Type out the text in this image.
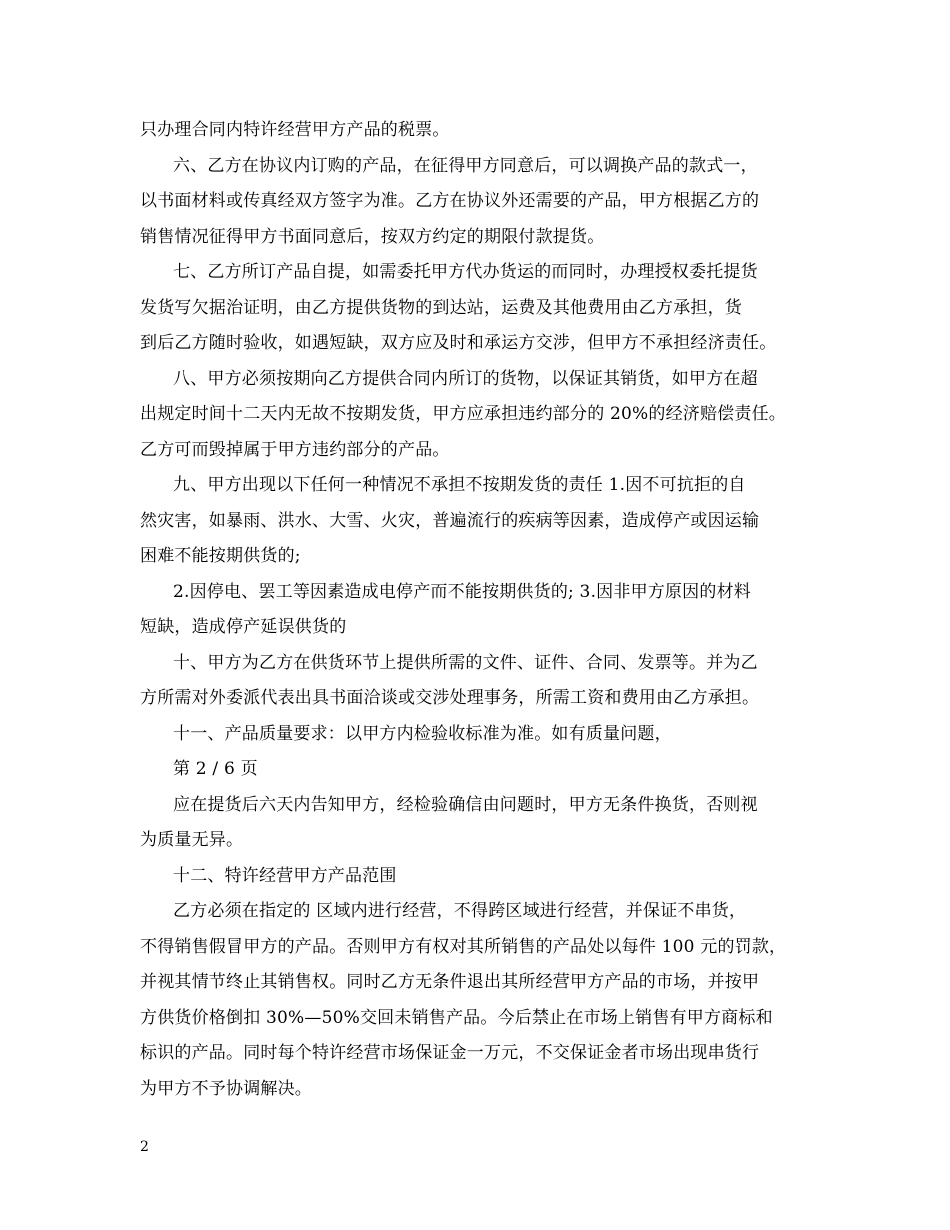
只办理合同内特许经营甲方产品的税票。
六、乙方在协议内订购的产品，在征得甲方同意后，可以调换产品的款式一，
以书面材料或传真经双方签字为准。乙方在协议外还需要的产品，甲方根据乙方的
销售情况征得甲方书面同意后，按双方约定的期限付款提货。
七、乙方所订产品自提，如需委托甲方代办货运的而同时，办理授权委托提货
发货写欠据治证明，由乙方提供货物的到达站，运费及其他费用由乙方承担，货
到后乙方随时验收，如遇短缺，双方应及时和承运方交涉，但甲方不承担经济责任。
八、甲方必须按期向乙方提供合同内所订的货物，以保证其销货，如甲方在超
出规定时间十二天内无故不按期发货，甲方应承担违约部分的 20%的经济赔偿责任。
乙方可而毁掉属于甲方违约部分的产品。
九、甲方出现以下任何一种情况不承担不按期发货的责任 1.因不可抗拒的自
然灾害，如暴雨、洪水、大雪、火灾，普遍流行的疾病等因素，造成停产或因运输
困难不能按期供货的;
2.因停电、罢工等因素造成电停产而不能按期供货的; 3.因非甲方原因的材料
短缺，造成停产延误供货的
十、甲方为乙方在供货环节上提供所需的文件、证件、合同、发票等。并为乙
方所需对外委派代表出具书面洽谈或交涉处理事务，所需工资和费用由乙方承担。
十一、产品质量要求：以甲方内检验收标准为准。如有质量问题，
第 2 / 6 页
应在提货后六天内告知甲方，经检验确信由问题时，甲方无条件换货，否则视
为质量无异。
十二、特许经营甲方产品范围
乙方必须在指定的 区域内进行经营，不得跨区域进行经营，并保证不串货，
不得销售假冒甲方的产品。否则甲方有权对其所销售的产品处以每件 100 元的罚款，
并视其情节终止其销售权。同时乙方无条件退出其所经营甲方产品的市场，并按甲
方供货价格倒扣 30%—50%交回未销售产品。今后禁止在市场上销售有甲方商标和
标识的产品。同时每个特许经营市场保证金一万元，不交保证金者市场出现串货行
为甲方不予协调解决。
2
